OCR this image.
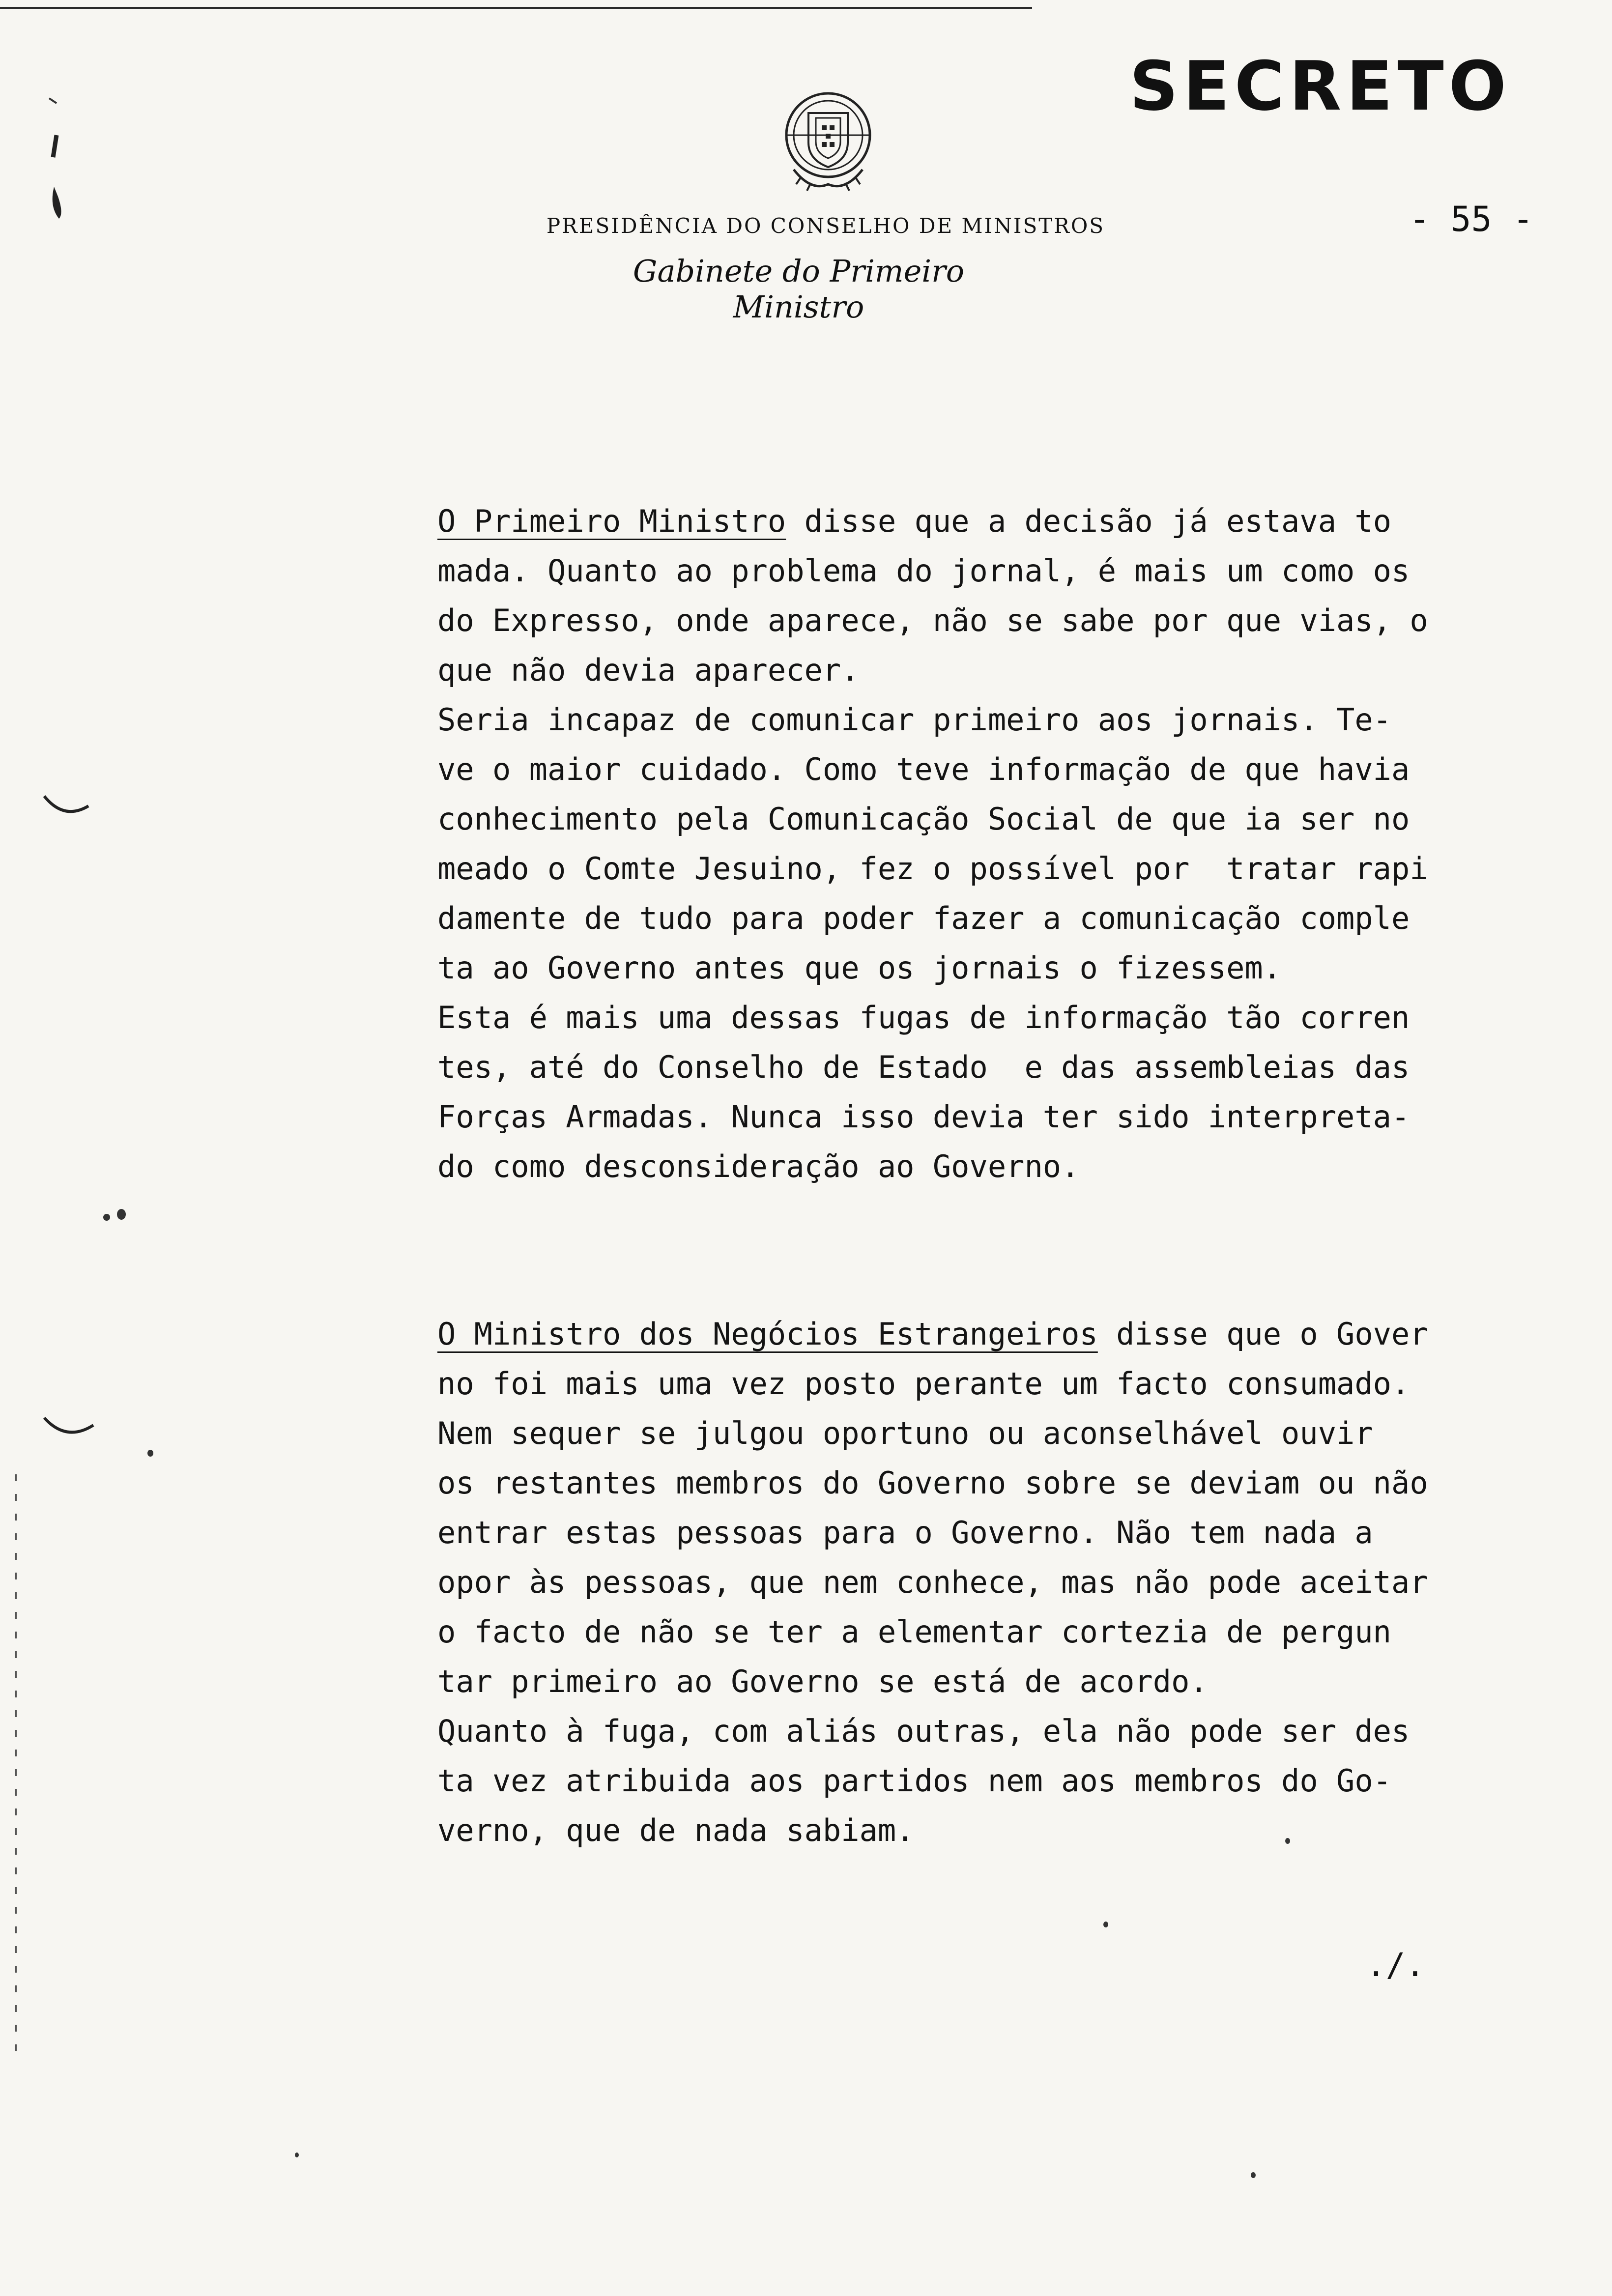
SECRETO
- 55 -
PRESIDÊNCIA DO CONSELHO DE MINISTROS
Gabinete do Primeiro Ministro
O Primeiro Ministro disse que a decisão já estava to
mada. Quanto ao problema do jornal, é mais um como os
do Expresso, onde aparece, não se sabe por que vias, o
que não devia aparecer.
Seria incapaz de comunicar primeiro aos jornais. Te-
ve o maior cuidado. Como teve informação de que havia
conhecimento pela Comunicação Social de que ia ser no
meado o Comte Jesuino, fez o possível por  tratar rapi
damente de tudo para poder fazer a comunicação comple
ta ao Governo antes que os jornais o fizessem.
Esta é mais uma dessas fugas de informação tão corren
tes, até do Conselho de Estado  e das assembleias das
Forças Armadas. Nunca isso devia ter sido interpreta-
do como desconsideração ao Governo.
O Ministro dos Negócios Estrangeiros disse que o Gover
no foi mais uma vez posto perante um facto consumado.
Nem sequer se julgou oportuno ou aconselhável ouvir
os restantes membros do Governo sobre se deviam ou não
entrar estas pessoas para o Governo. Não tem nada a
opor às pessoas, que nem conhece, mas não pode aceitar
o facto de não se ter a elementar cortezia de pergun
tar primeiro ao Governo se está de acordo.
Quanto à fuga, com aliás outras, ela não pode ser des
ta vez atribuida aos partidos nem aos membros do Go-
verno, que de nada sabiam.
./.
